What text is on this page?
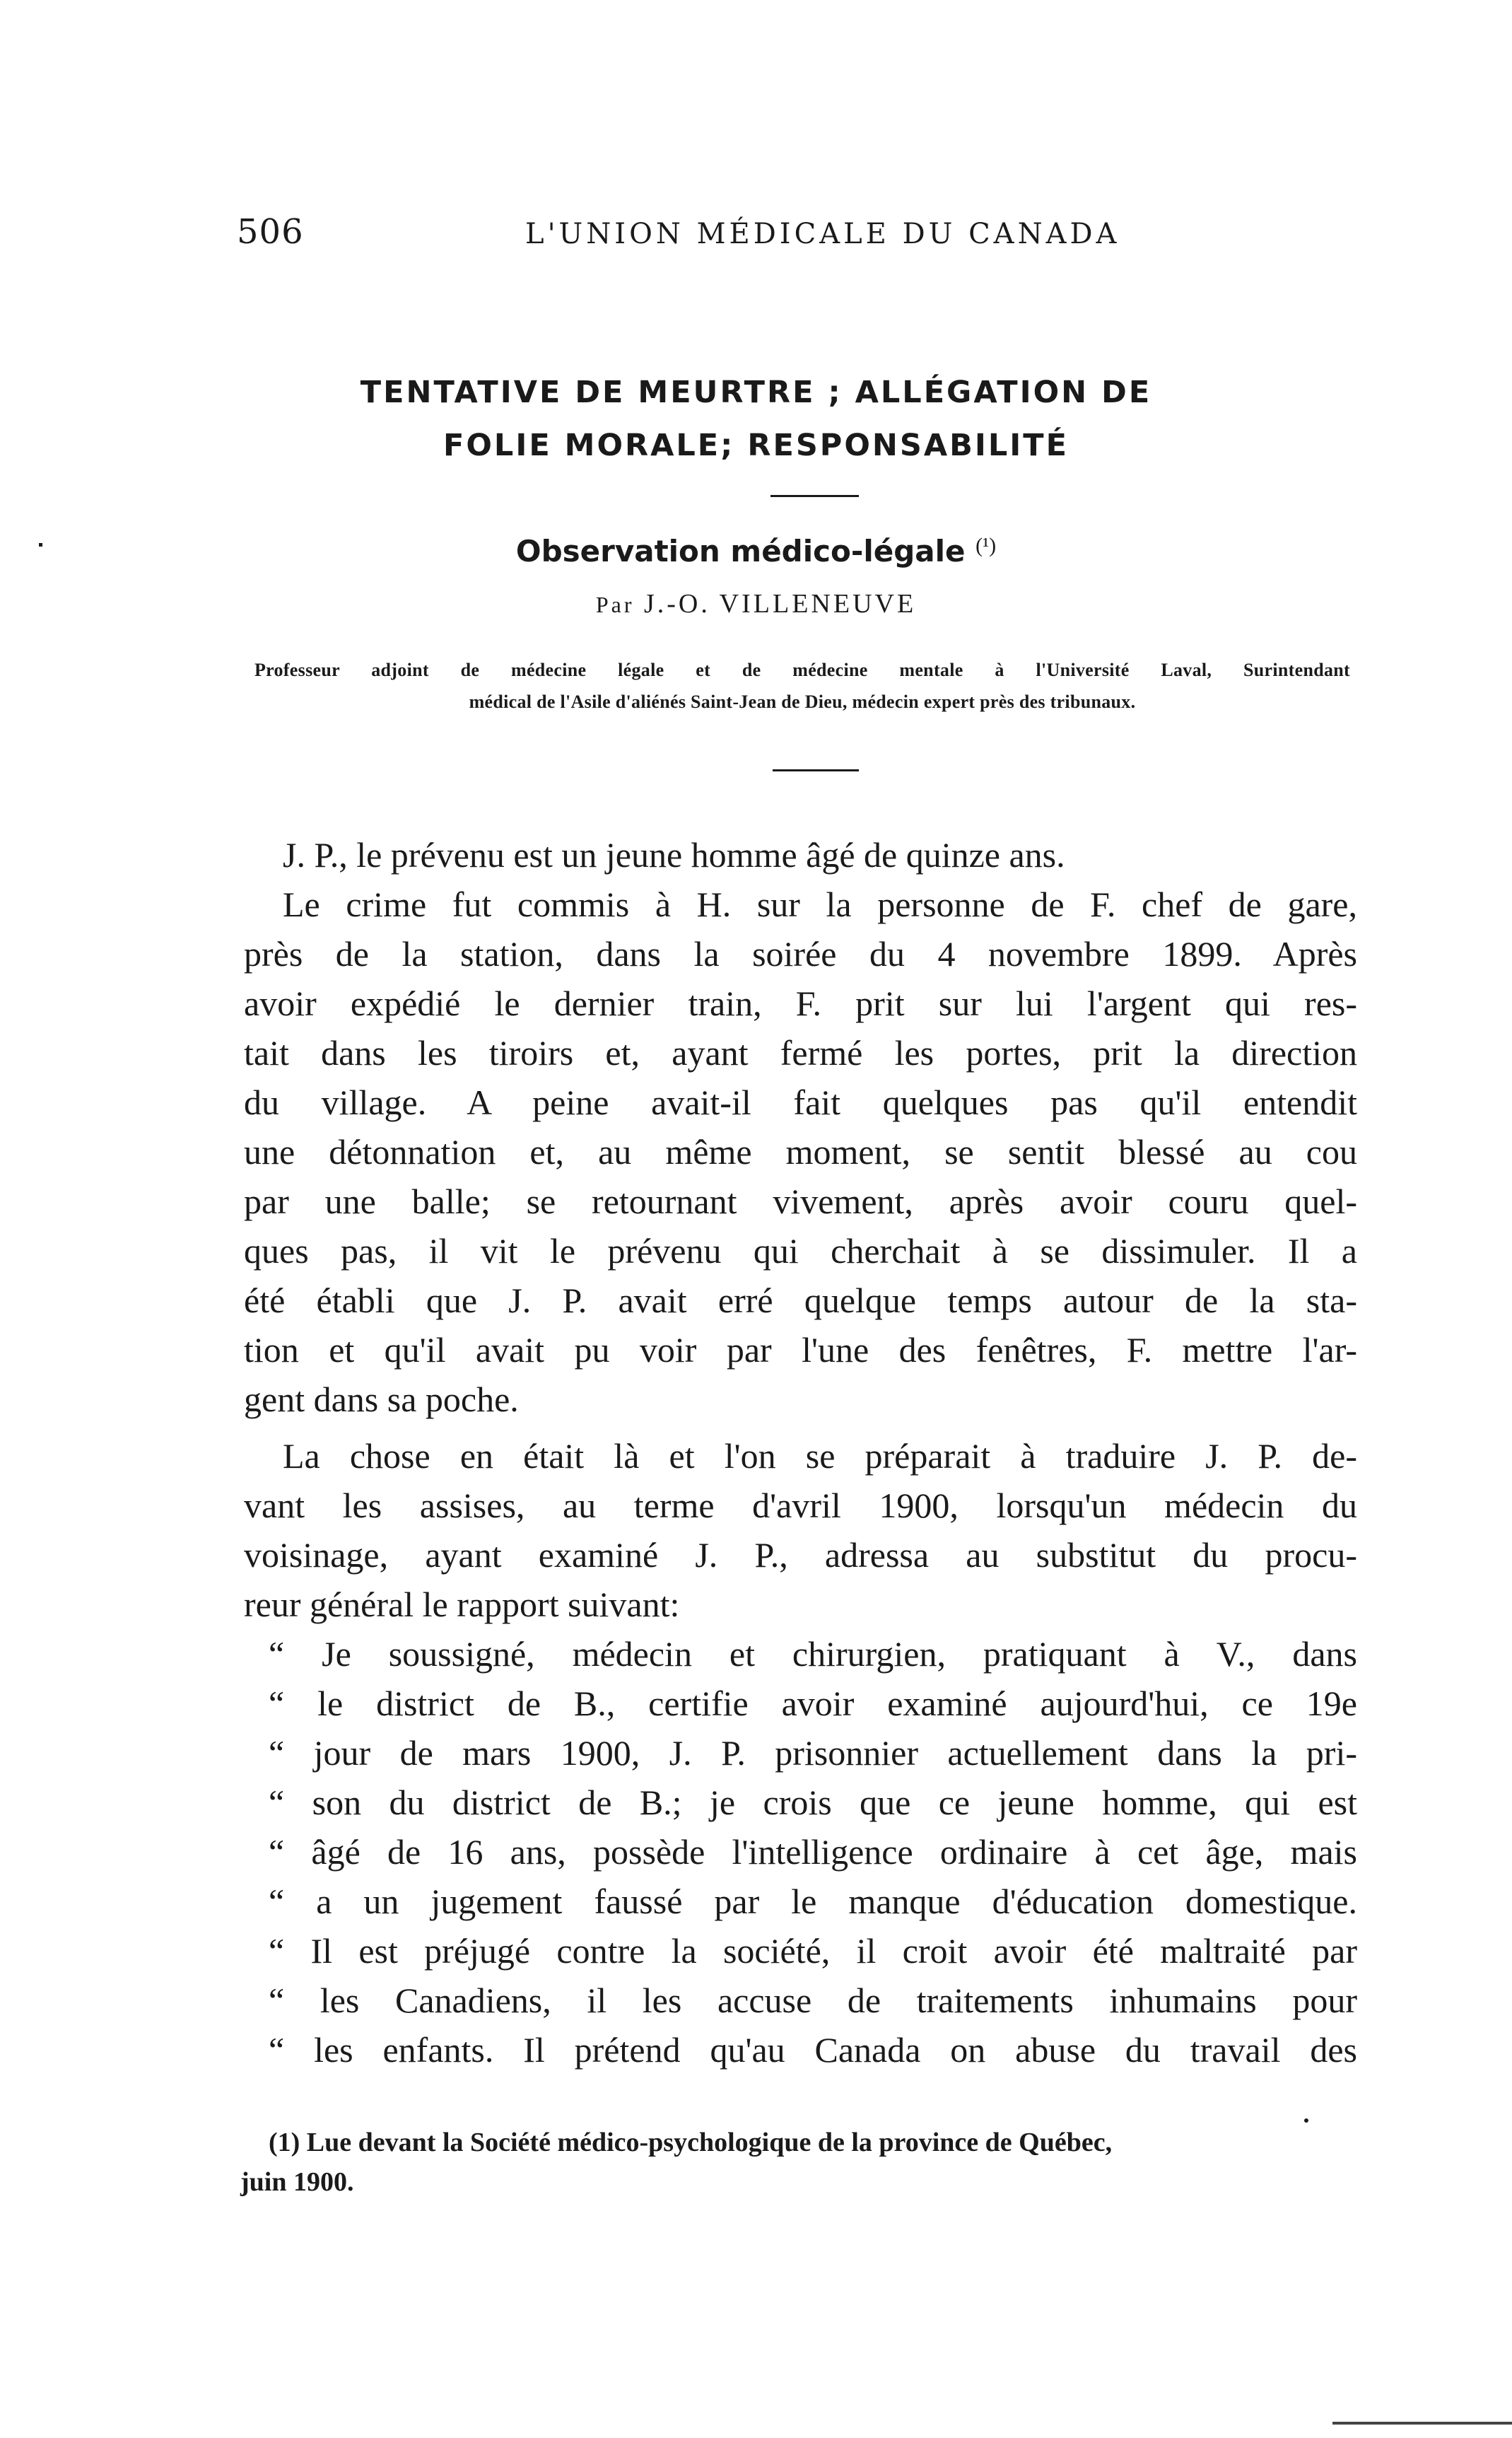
506	L'UNION MÉDICALE DU CANADA
TENTATIVE DE MEURTRE ; ALLÉGATION DE
FOLIE MORALE; RESPONSABILITÉ
Observation médico-légale $^{(^1)}$
Par J.-O. VILLENEUVE
Professeur adjoint de médecine légale et de médecine mentale à l'Université Laval, Surintendant
médical de l'Asile d'aliénés Saint-Jean de Dieu, médecin expert près des tribunaux.
J. P., le prévenu est un jeune homme âgé de quinze ans.
Le crime fut commis à H. sur la personne de F. chef de gare,
près de la station, dans la soirée du 4 novembre 1899. Après
avoir expédié le dernier train, F. prit sur lui l'argent qui res-
tait dans les tiroirs et, ayant fermé les portes, prit la direction
du village. A peine avait-il fait quelques pas qu'il entendit
une détonnation et, au même moment, se sentit blessé au cou
par une balle; se retournant vivement, après avoir couru quel-
ques pas, il vit le prévenu qui cherchait à se dissimuler. Il a
été établi que J. P. avait erré quelque temps autour de la sta-
tion et qu'il avait pu voir par l'une des fenêtres, F. mettre l'ar-
gent dans sa poche.
La chose en était là et l'on se préparait à traduire J. P. de-
vant les assises, au terme d'avril 1900, lorsqu'un médecin du
voisinage, ayant examiné J. P., adressa au substitut du procu-
reur général le rapport suivant:
“ Je soussigné, médecin et chirurgien, pratiquant à V., dans
“ le district de B., certifie avoir examiné aujourd'hui, ce 19e
“ jour de mars 1900, J. P. prisonnier actuellement dans la pri-
“ son du district de B.; je crois que ce jeune homme, qui est
“ âgé de 16 ans, possède l'intelligence ordinaire à cet âge, mais
“ a un jugement faussé par le manque d'éducation domestique.
“ Il est préjugé contre la société, il croit avoir été maltraité par
“ les Canadiens, il les accuse de traitements inhumains pour
“ les enfants. Il prétend qu'au Canada on abuse du travail des
(1) Lue devant la Société médico-psychologique de la province de Québec,
juin 1900.
